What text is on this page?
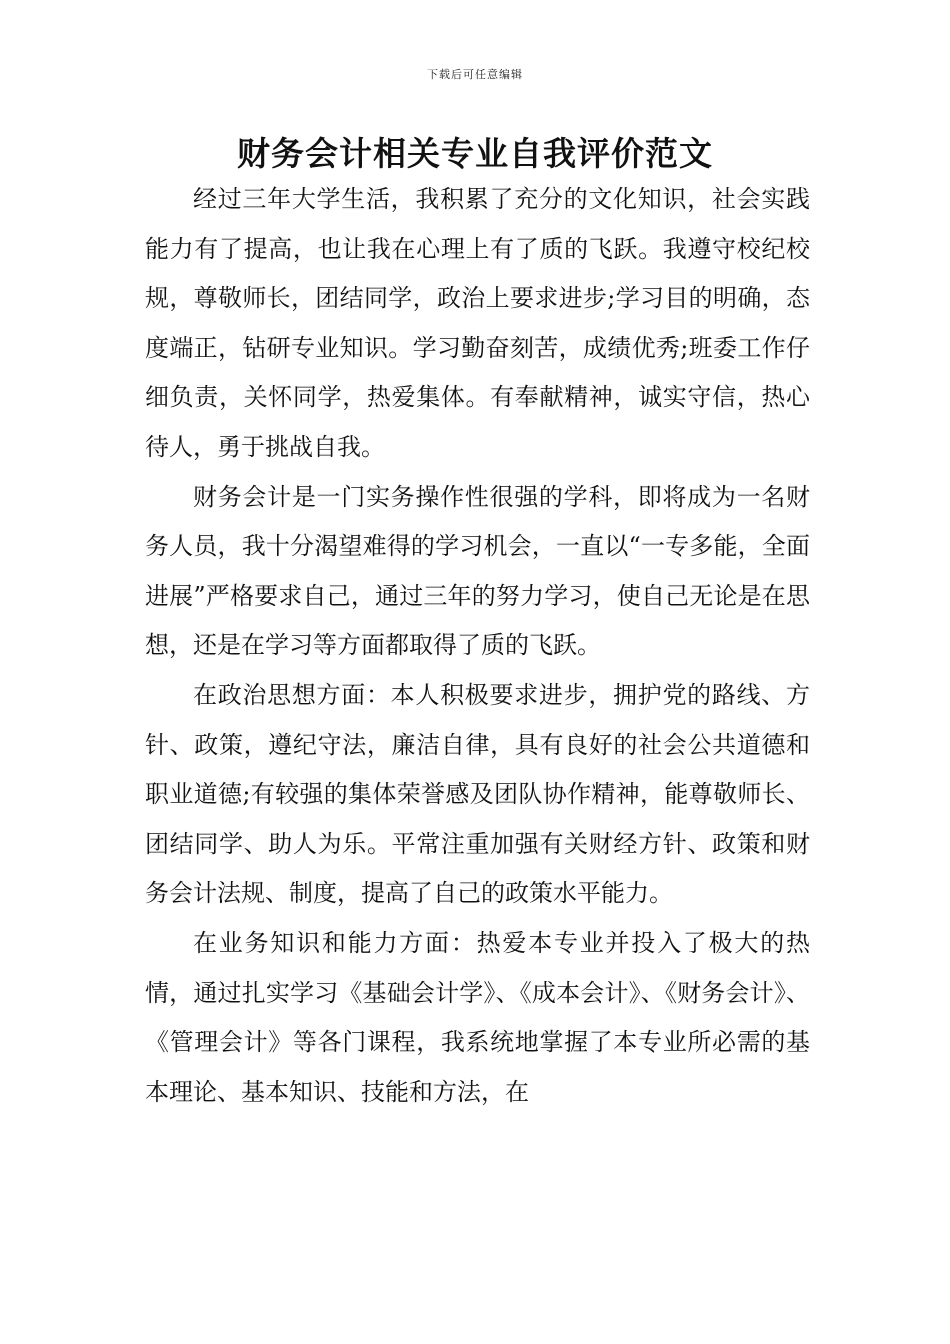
下载后可任意编辑
财务会计相关专业自我评价范文

经过三年大学生活，我积累了充分的文化知识，社会实践能力有了提高，也让我在心理上有了质的飞跃。我遵守校纪校规，尊敬师长，团结同学，政治上要求进步;学习目的明确，态度端正，钻研专业知识。学习勤奋刻苦，成绩优秀;班委工作仔细负责，关怀同学，热爱集体。有奉献精神，诚实守信，热心待人，勇于挑战自我。

财务会计是一门实务操作性很强的学科，即将成为一名财务人员，我十分渴望难得的学习机会，一直以“一专多能，全面进展”严格要求自己，通过三年的努力学习，使自己无论是在思想，还是在学习等方面都取得了质的飞跃。

在政治思想方面：本人积极要求进步，拥护党的路线、方针、政策，遵纪守法，廉洁自律，具有良好的社会公共道德和职业道德;有较强的集体荣誉感及团队协作精神，能尊敬师长、团结同学、助人为乐。平常注重加强有关财经方针、政策和财务会计法规、制度，提高了自己的政策水平能力。

在业务知识和能力方面：热爱本专业并投入了极大的热情，通过扎实学习《基础会计学》、《成本会计》、《财务会计》、《管理会计》等各门课程，我系统地掌握了本专业所必需的基本理论、基本知识、技能和方法，在
